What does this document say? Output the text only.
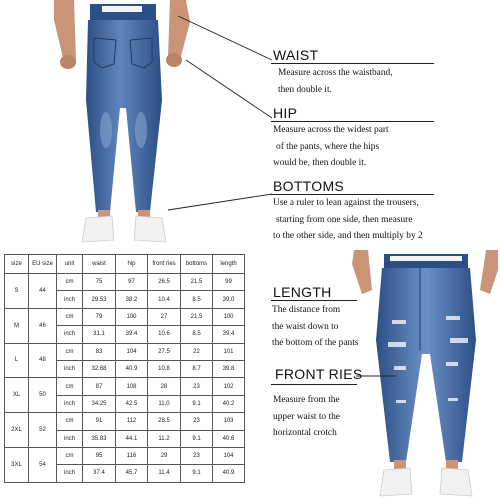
WAIST
Measure across the waistband,
then double it.
HIP
Measure across the widest part
of the pants, where the hips
would be, then double it.
BOTTOMS
Use a ruler to lean against the trousers,
starting from one side, then measure
to the other side, and then multiply by 2
LENGTH
The distance from
the waist down to
the bottom of the pants
FRONT RIES
Measure from the
upper waist to the
horizontal crotch
size	EU size	unit	waist	hip	front ries	bottoms	length
S	44	cm	75	97	26.5	21.5	99
		inch	29.53	38.2	10.4	8.5	39.0
M	46	cm	79	100	27	21.5	100
		inch	31.1	39.4	10.6	8.5	39.4
L	48	cm	83	104	27.5	22	101
		inch	32.68	40.9	10.8	8.7	39.8
XL	50	cm	87	108	28	23	102
		inch	34.25	42.5	11.0	9.1	40.2
2XL	52	cm	91	112	28.5	23	103
		inch	35.83	44.1	11.2	9.1	40.6
3XL	54	cm	95	116	29	23	104
		inch	37.4	45.7	11.4	9.1	40.9
